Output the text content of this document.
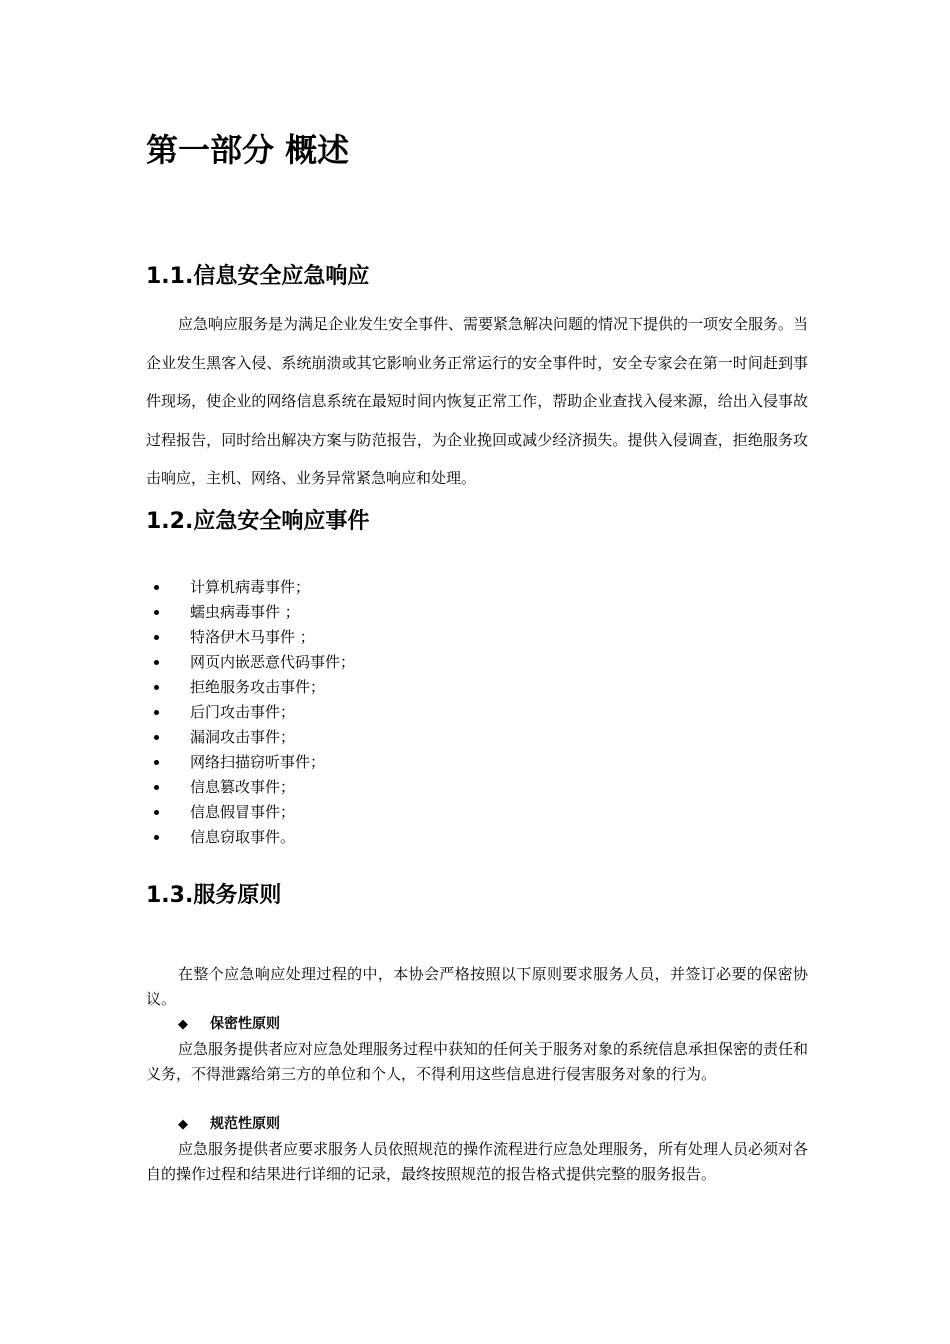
第一部分 概述
1.1.信息安全应急响应

应急响应服务是为满足企业发生安全事件、需要紧急解决问题的情况下提供的一项安全服务。当企业发生黑客入侵、系统崩溃或其它影响业务正常运行的安全事件时，安全专家会在第一时间赶到事件现场，使企业的网络信息系统在最短时间内恢复正常工作，帮助企业查找入侵来源，给出入侵事故过程报告，同时给出解决方案与防范报告，为企业挽回或减少经济损失。提供入侵调查，拒绝服务攻击响应，主机、网络、业务异常紧急响应和处理。

1.2.应急安全响应事件
计算机病毒事件；
蠕虫病毒事件 ；
特洛伊木马事件 ；
网页内嵌恶意代码事件；
拒绝服务攻击事件；
后门攻击事件；
漏洞攻击事件；
网络扫描窃听事件；
信息篡改事件；
信息假冒事件；
信息窃取事件。
1.3.服务原则

在整个应急响应处理过程的中，本协会严格按照以下原则要求服务人员，并签订必要的保密协议。

◆ 保密性原则

应急服务提供者应对应急处理服务过程中获知的任何关于服务对象的系统信息承担保密的责任和义务，不得泄露给第三方的单位和个人，不得利用这些信息进行侵害服务对象的行为。

◆ 规范性原则

应急服务提供者应要求服务人员依照规范的操作流程进行应急处理服务，所有处理人员必须对各自的操作过程和结果进行详细的记录，最终按照规范的报告格式提供完整的服务报告。
